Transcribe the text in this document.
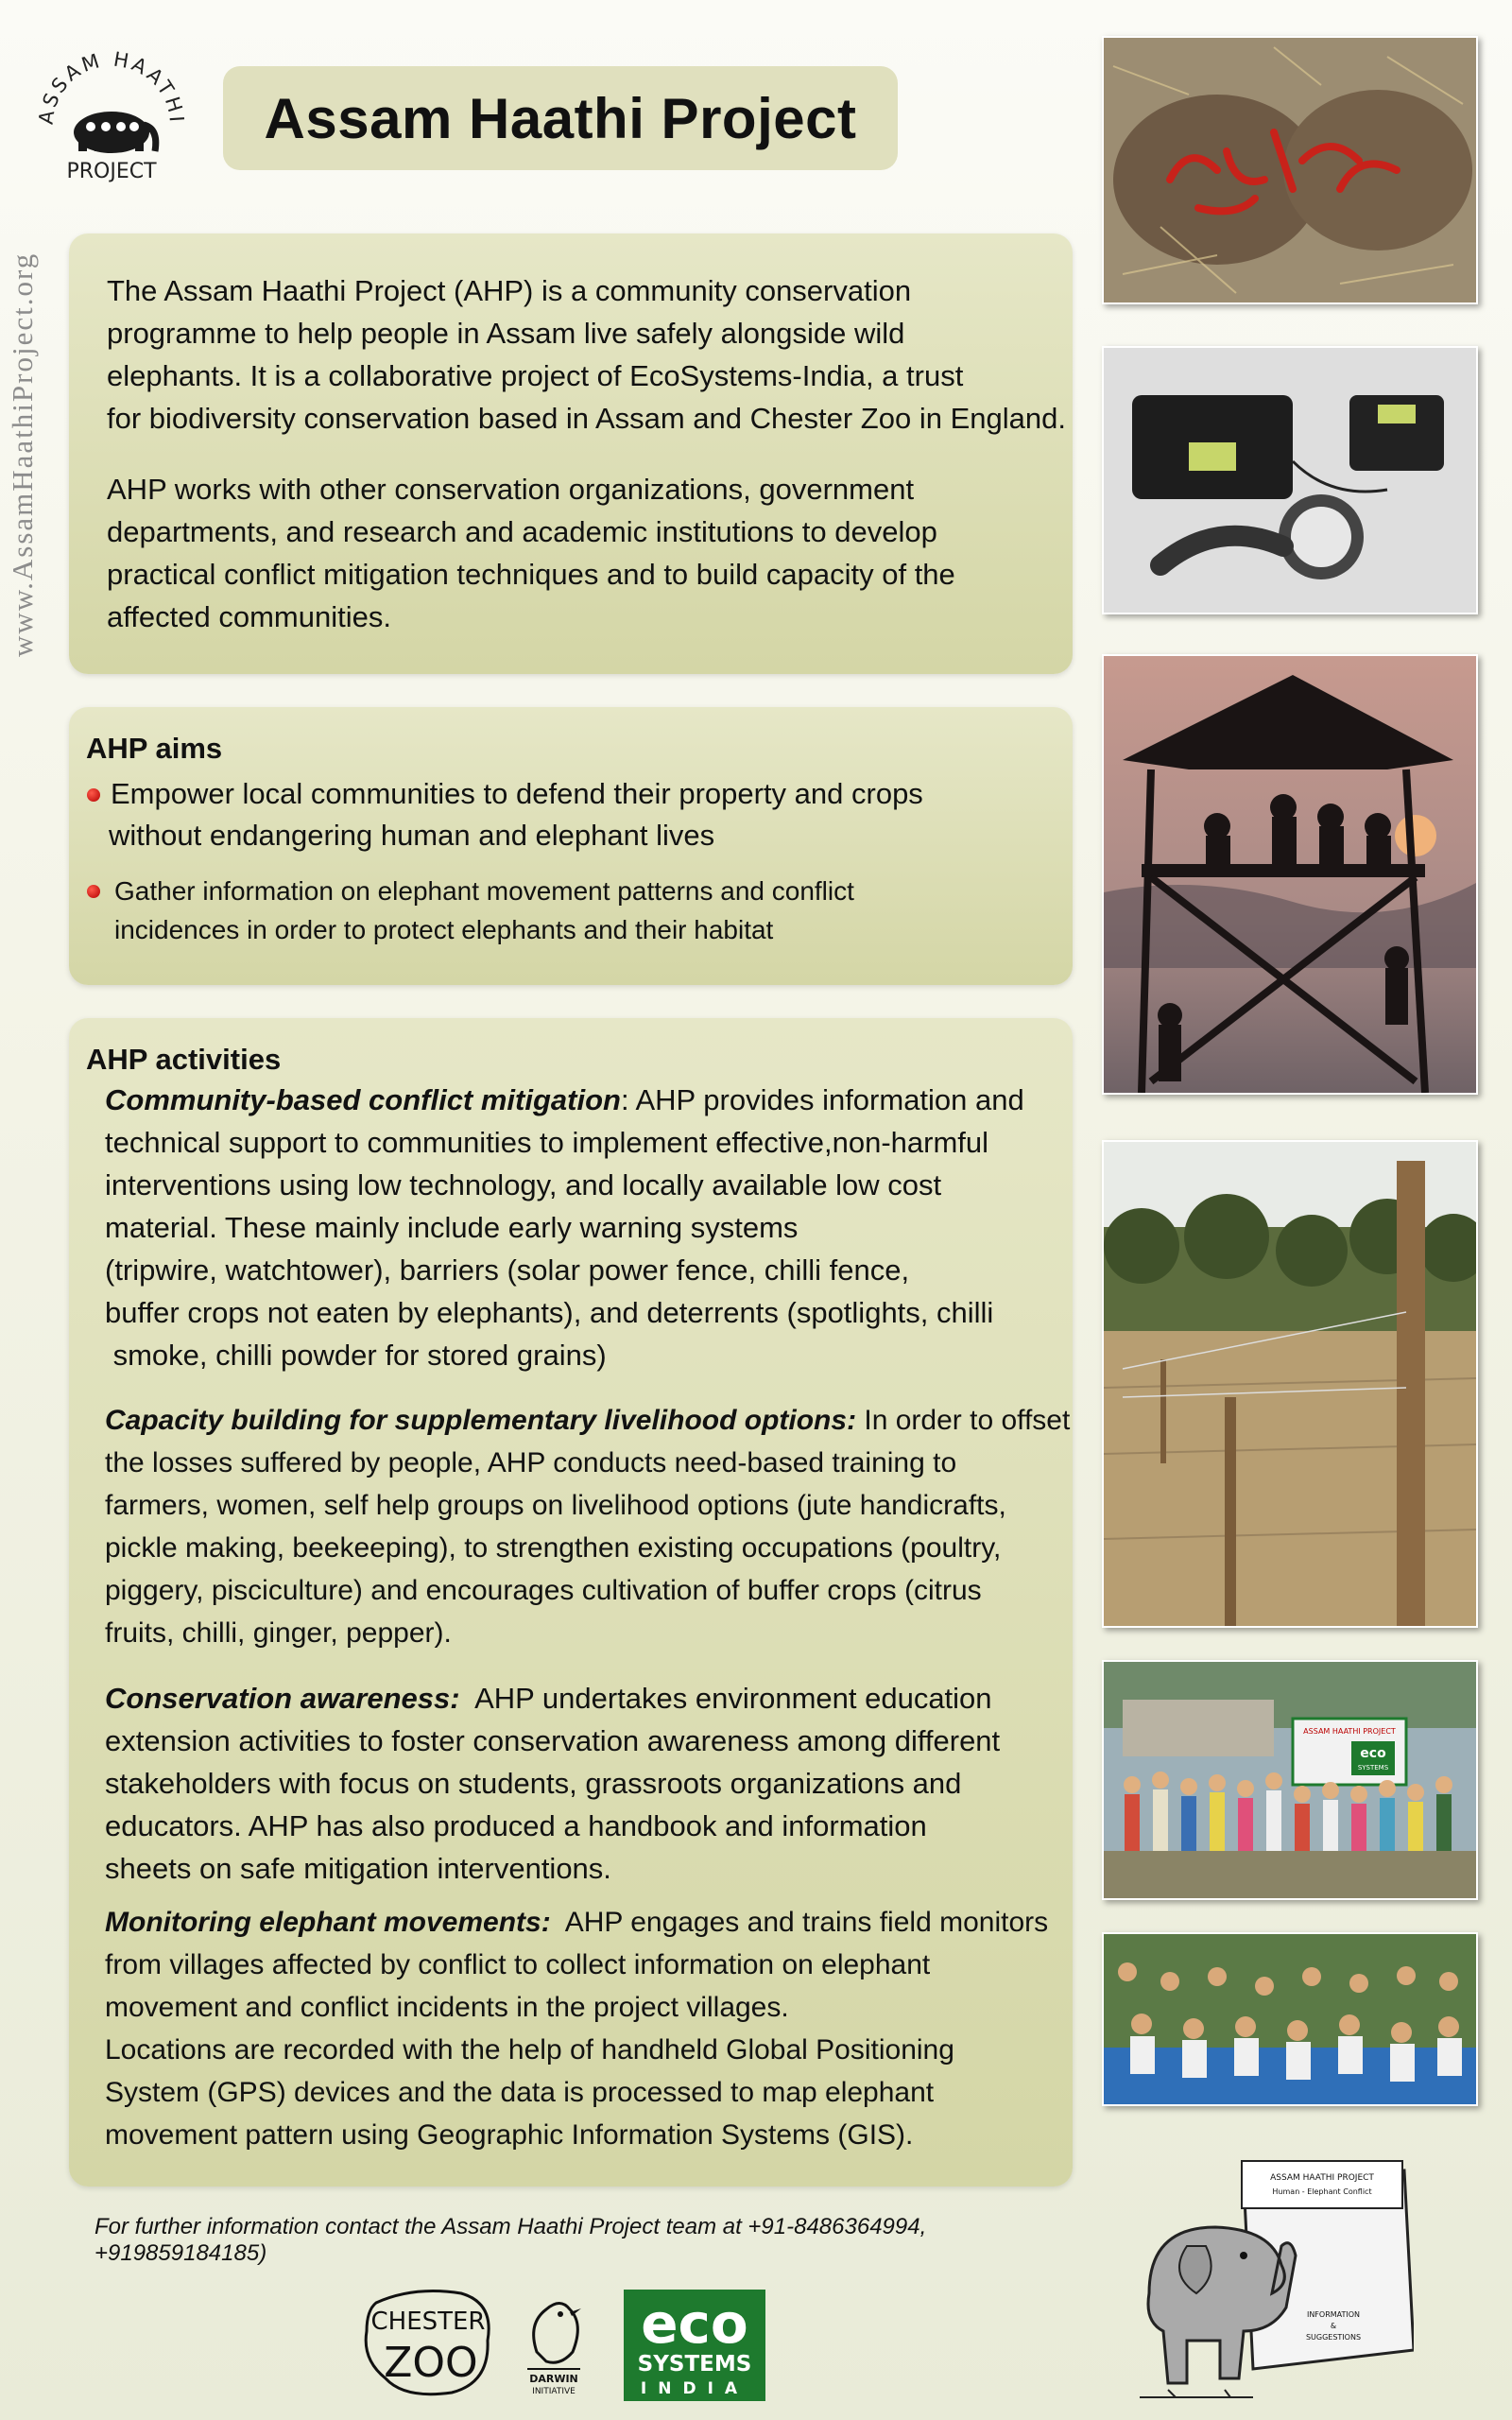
ASSAM HAATHI
PROJECT
Assam Haathi Project
www.AssamHaathiProject.org	The Assam Haathi Project (AHP) is a community conservation

programme to help people in Assam live safely alongside wild

elephants. It is a collaborative project of EcoSystems-India, a trust

for biodiversity conservation based in Assam and Chester Zoo in England.

AHP works with other conservation organizations, government

departments, and research and academic institutions to develop

practical conflict mitigation techniques and to build capacity of the

affected communities.

AHP aims
Empower local communities to defend their property and crops
without endangering human and elephant lives
Gather information on elephant movement patterns and conflict
incidences in order to protect elephants and their habitat
AHP activities

Community-based conflict mitigation: AHP provides information and

technical support to communities to implement effective,non-harmful

interventions using low technology, and locally available low cost

material. These mainly include early warning systems

(tripwire, watchtower), barriers (solar power fence, chilli fence,

buffer crops not eaten by elephants), and deterrents (spotlights, chilli

smoke, chilli powder for stored grains)

Capacity building for supplementary livelihood options: In order to offset

the losses suffered by people, AHP conducts need-based training to

farmers, women, self help groups on livelihood options (jute handicrafts,

pickle making, beekeeping), to strengthen existing occupations (poultry,

piggery, pisciculture) and encourages cultivation of buffer crops (citrus

fruits, chilli, ginger, pepper).

Conservation awareness:  AHP undertakes environment education

extension activities to foster conservation awareness among different

stakeholders with focus on students, grassroots organizations and

educators. AHP has also produced a handbook and information

sheets on safe mitigation interventions.

Monitoring elephant movements:  AHP engages and trains field monitors

from villages affected by conflict to collect information on elephant

movement and conflict incidents in the project villages.

Locations are recorded with the help of handheld Global Positioning

System (GPS) devices and the data is processed to map elephant

movement pattern using Geographic Information Systems (GIS).

ASSAM HAATHI PROJECT
eco
SYSTEMS
For further information contact the Assam Haathi Project team at +91-8486364994, +919859184185)
CHESTER
ZOO	DARWIN
INITIATIVE
eco
SYSTEMS
INDIA
ASSAM HAATHI PROJECT
Human - Elephant Conflict
INFORMATION
&
SUGGESTIONS
